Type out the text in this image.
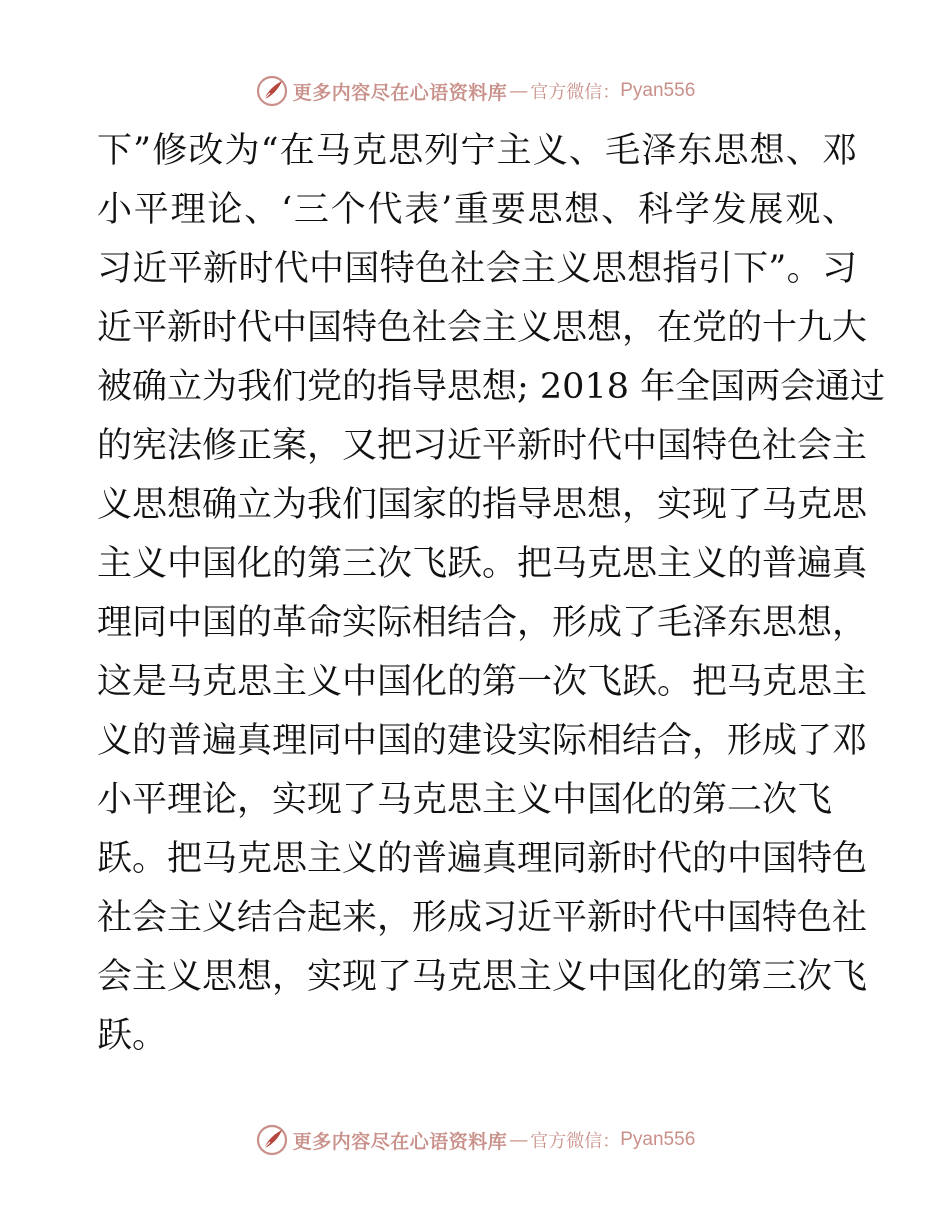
更多内容尽在心语资料库 — 官方微信： Pyan556
下”修改为“在马克思列宁主义、毛泽东思想、邓
小平理论、‘三个代表’重要思想、科学发展观、
习近平新时代中国特色社会主义思想指引下”。习
近平新时代中国特色社会主义思想，在党的十九大
被确立为我们党的指导思想; 2018 年全国两会通过
的宪法修正案，又把习近平新时代中国特色社会主
义思想确立为我们国家的指导思想，实现了马克思
主义中国化的第三次飞跃。把马克思主义的普遍真
理同中国的革命实际相结合，形成了毛泽东思想，
这是马克思主义中国化的第一次飞跃。把马克思主
义的普遍真理同中国的建设实际相结合，形成了邓
小平理论，实现了马克思主义中国化的第二次飞
跃。把马克思主义的普遍真理同新时代的中国特色
社会主义结合起来，形成习近平新时代中国特色社
会主义思想，实现了马克思主义中国化的第三次飞
跃。
更多内容尽在心语资料库 — 官方微信： Pyan556
